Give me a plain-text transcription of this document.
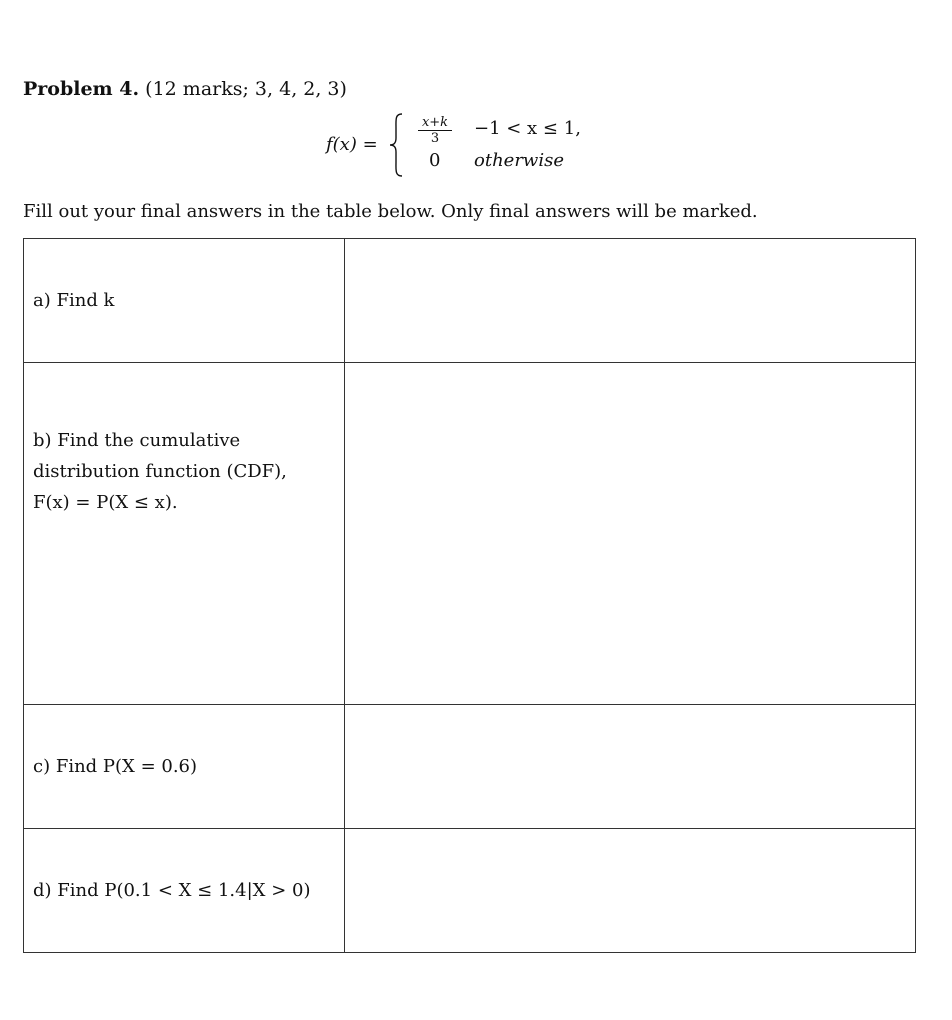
Problem 4. (12 marks; 3, 4, 2, 3)
f(x) =	$\frac{x+k}{3} -1 < x \le 1$,
0 otherwise
Fill out your final answers in the table below. Only final answers will be marked.
a) Find k	

b) Find the cumulative
distribution function (CDF),
F(x) = P(X ≤ x).	

c) Find P(X = 0.6)	

d) Find P(0.1 < X ≤ 1.4|X > 0)	
